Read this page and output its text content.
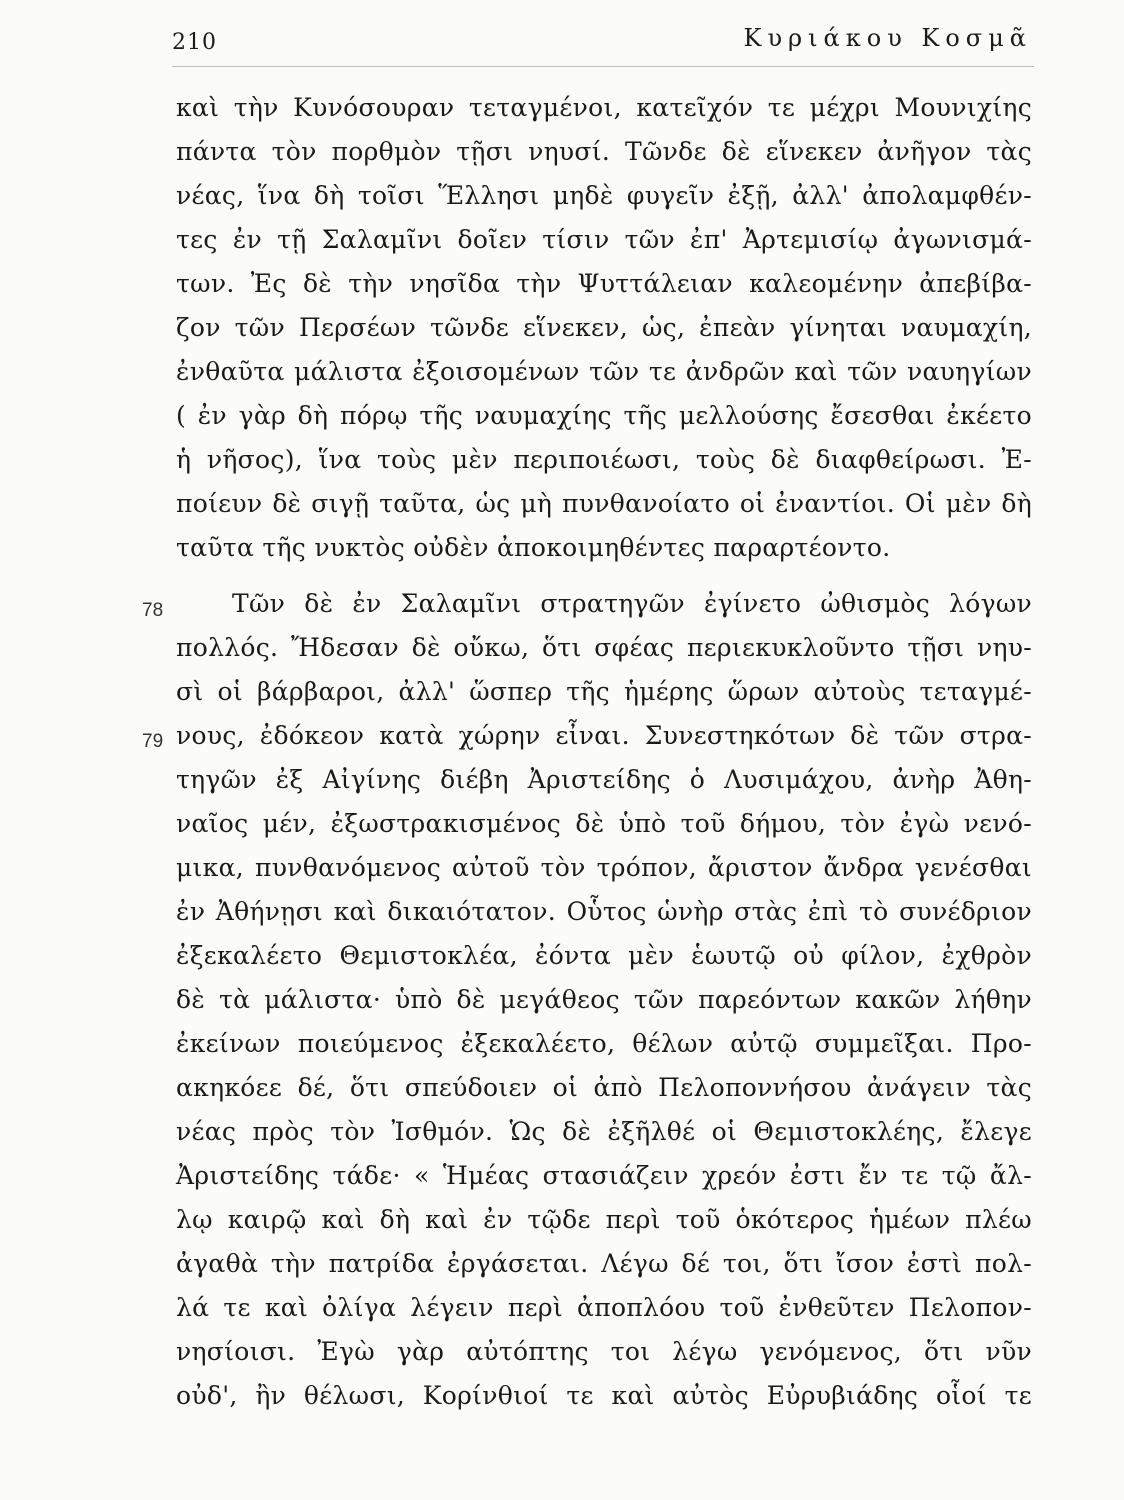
210	Κυριάκου Κοσμᾶ
καὶ τὴν Κυνόσουραν τεταγμένοι, κατεῖχόν τε μέχρι Μουνιχίης
πάντα τὸν πορθμὸν τῇσι νηυσί. Τῶνδε δὲ εἵνεκεν ἀνῆγον τὰς
νέας, ἵνα δὴ τοῖσι Ἕλλησι μηδὲ φυγεῖν ἐξῇ, ἀλλ' ἀπολαμφθέν-
τες ἐν τῇ Σαλαμῖνι δοῖεν τίσιν τῶν ἐπ' Ἀρτεμισίῳ ἀγωνισμά-
των. Ἐς δὲ τὴν νησῖδα τὴν Ψυττάλειαν καλεομένην ἀπεβίβα-
ζον τῶν Περσέων τῶνδε εἵνεκεν, ὡς, ἐπεὰν γίνηται ναυμαχίη,
ἐνθαῦτα μάλιστα ἐξοισομένων τῶν τε ἀνδρῶν καὶ τῶν ναυηγίων
( ἐν γὰρ δὴ πόρῳ τῆς ναυμαχίης τῆς μελλούσης ἔσεσθαι ἐκέετο
ἡ νῆσος), ἵνα τοὺς μὲν περιποιέωσι, τοὺς δὲ διαφθείρωσι. Ἐ-
ποίευν δὲ σιγῇ ταῦτα, ὡς μὴ πυνθανοίατο οἱ ἐναντίοι. Οἱ μὲν δὴ
ταῦτα τῆς νυκτὸς οὐδὲν ἀποκοιμηθέντες παραρτέοντο.
78
79
Τῶν δὲ ἐν Σαλαμῖνι στρατηγῶν ἐγίνετο ὠθισμὸς λόγων
πολλός. Ἤδεσαν δὲ οὔκω, ὅτι σφέας περιεκυκλοῦντο τῇσι νηυ-
σὶ οἱ βάρβαροι, ἀλλ' ὥσπερ τῆς ἡμέρης ὥρων αὐτοὺς τεταγμέ-
νους, ἐδόκεον κατὰ χώρην εἶναι. Συνεστηκότων δὲ τῶν στρα-
τηγῶν ἐξ Αἰγίνης διέβη Ἀριστείδης ὁ Λυσιμάχου, ἀνὴρ Ἀθη-
ναῖος μέν, ἐξωστρακισμένος δὲ ὑπὸ τοῦ δήμου, τὸν ἐγὼ νενό-
μικα, πυνθανόμενος αὐτοῦ τὸν τρόπον, ἄριστον ἄνδρα γενέσθαι
ἐν Ἀθήνῃσι καὶ δικαιότατον. Οὗτος ὡνὴρ στὰς ἐπὶ τὸ συνέδριον
ἐξεκαλέετο Θεμιστοκλέα, ἐόντα μὲν ἑωυτῷ οὐ φίλον, ἐχθρὸν
δὲ τὰ μάλιστα· ὑπὸ δὲ μεγάθεος τῶν παρεόντων κακῶν λήθην
ἐκείνων ποιεύμενος ἐξεκαλέετο, θέλων αὐτῷ συμμεῖξαι. Προ-
ακηκόεε δέ, ὅτι σπεύδοιεν οἱ ἀπὸ Πελοποννήσου ἀνάγειν τὰς
νέας πρὸς τὸν Ἰσθμόν. Ὡς δὲ ἐξῆλθέ οἱ Θεμιστοκλέης, ἔλεγε
Ἀριστείδης τάδε· « Ἡμέας στασιάζειν χρεόν ἐστι ἔν τε τῷ ἄλ-
λῳ καιρῷ καὶ δὴ καὶ ἐν τῷδε περὶ τοῦ ὁκότερος ἡμέων πλέω
ἀγαθὰ τὴν πατρίδα ἐργάσεται. Λέγω δέ τοι, ὅτι ἴσον ἐστὶ πολ-
λά τε καὶ ὀλίγα λέγειν περὶ ἀποπλόου τοῦ ἐνθεῦτεν Πελοπον-
νησίοισι. Ἐγὼ γὰρ αὐτόπτης τοι λέγω γενόμενος, ὅτι νῦν
οὐδ', ἢν θέλωσι, Κορίνθιοί τε καὶ αὐτὸς Εὐρυβιάδης οἷοί τε
